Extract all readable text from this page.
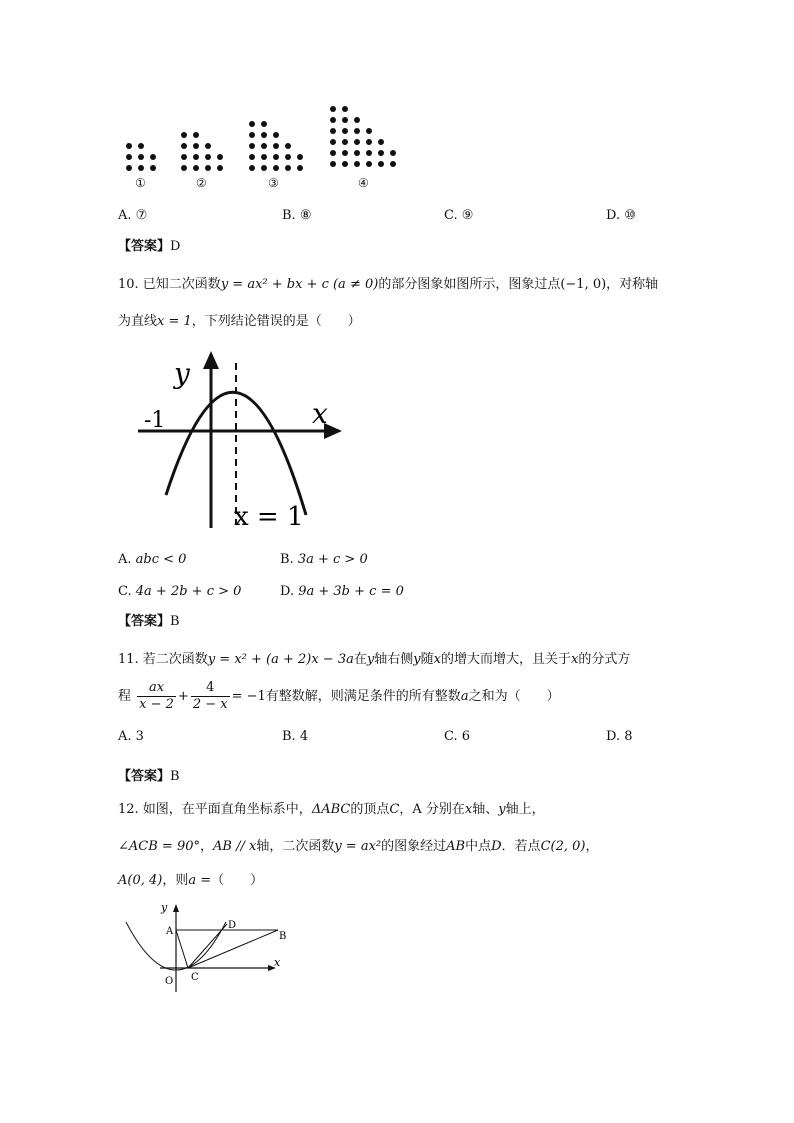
①	②	③	④
A. ⑦	B. ⑧	C. ⑨	D. ⑩
【答案】D
10. 已知二次函数y = ax² + bx + c (a ≠ 0)的部分图象如图所示，图象过点(−1, 0)，对称轴
为直线x = 1，下列结论错误的是（　　）
y
x
-1
x = 1
A. abc < 0	B. 3a + c > 0
C. 4a + 2b + c > 0	D. 9a + 3b + c = 0
【答案】B
11. 若二次函数y = x² + (a + 2)x − 3a在y轴右侧y随x的增大而增大，且关于x的分式方
程 $\frac{ax}{x - 2} + \frac{4}{2 - x} = -1$有整数解，则满足条件的所有整数a之和为（　　）
A. 3	B. 4	C. 6	D. 8
【答案】B
12. 如图，在平面直角坐标系中，ΔABC的顶点C，A 分别在x轴、y轴上，
∠ACB = 90°，AB // x轴，二次函数y = ax²的图象经过AB中点D．若点C(2, 0)，
A(0, 4)，则a =（　　）
y
x
A	B
C
D
O
